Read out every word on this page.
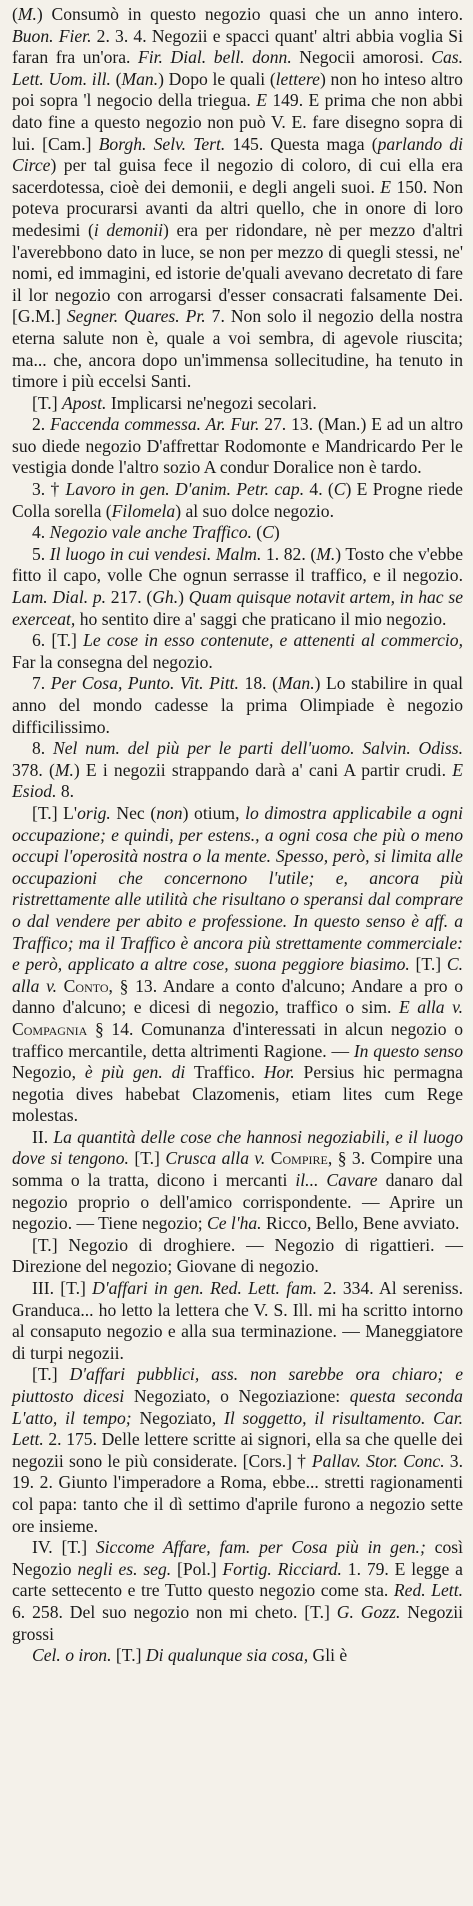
(M.) Consumò in questo negozio quasi che un anno intero. Buon. Fier. 2. 3. 4. Negozii e spacci quant' altri abbia voglia Si faran fra un'ora. Fir. Dial. bell. donn. Negocii amorosi. Cas. Lett. Uom. ill. (Man.) Dopo le quali (lettere) non ho inteso altro poi sopra 'l negocio della triegua. E 149. E prima che non abbi dato fine a questo negozio non può V. E. fare disegno sopra di lui. [Cam.] Borgh. Selv. Tert. 145. Questa maga (parlando di Circe) per tal guisa fece il negozio di coloro, di cui ella era sacerdotessa, cioè dei demonii, e degli angeli suoi. E 150. Non poteva procurarsi avanti da altri quello, che in onore di loro medesimi (i demonii) era per ridondare, nè per mezzo d'altri l'averebbono dato in luce, se non per mezzo di quegli stessi, ne' nomi, ed immagini, ed istorie de'quali avevano decretato di fare il lor negozio con arrogarsi d'esser consacrati falsamente Dei. [G.M.] Segner. Quares. Pr. 7. Non solo il negozio della nostra eterna salute non è, quale a voi sembra, di agevole riuscita; ma... che, ancora dopo un'immensa sollecitudine, ha tenuto in timore i più eccelsi Santi.

[T.] Apost. Implicarsi ne'negozi secolari.

2. Faccenda commessa. Ar. Fur. 27. 13. (Man.) E ad un altro suo diede negozio D'affrettar Rodomonte e Mandricardo Per le vestigia donde l'altro sozio A condur Doralice non è tardo.

3. † Lavoro in gen. D'anim. Petr. cap. 4. (C) E Progne riede Colla sorella (Filomela) al suo dolce negozio.

4. Negozio vale anche Traffico. (C)

5. Il luogo in cui vendesi. Malm. 1. 82. (M.) Tosto che v'ebbe fitto il capo, volle Che ognun serrasse il traffico, e il negozio. Lam. Dial. p. 217. (Gh.) Quam quisque notavit artem, in hac se exerceat, ho sentito dire a' saggi che praticano il mio negozio.

6. [T.] Le cose in esso contenute, e attenenti al commercio, Far la consegna del negozio.

7. Per Cosa, Punto. Vit. Pitt. 18. (Man.) Lo stabilire in qual anno del mondo cadesse la prima Olimpiade è negozio difficilissimo.

8. Nel num. del più per le parti dell'uomo. Salvin. Odiss. 378. (M.) E i negozii strappando darà a' cani A partir crudi. E Esiod. 8.

[T.] L'orig. Nec (non) otium, lo dimostra applicabile a ogni occupazione; e quindi, per estens., a ogni cosa che più o meno occupi l'operosità nostra o la mente. Spesso, però, si limita alle occupazioni che concernono l'utile; e, ancora più ristrettamente alle utilità che risultano o speransi dal comprare o dal vendere per abito e professione. In questo senso è aff. a Traffico; ma il Traffico è ancora più strettamente commerciale: e però, applicato a altre cose, suona peggiore biasimo. [T.] C. alla v. Conto, § 13. Andare a conto d'alcuno; Andare a pro o danno d'alcuno; e dicesi di negozio, traffico o sim. E alla v. Compagnia § 14. Comunanza d'interessati in alcun negozio o traffico mercantile, detta altrimenti Ragione. — In questo senso Negozio, è più gen. di Traffico. Hor. Persius hic permagna negotia dives habebat Clazomenis, etiam lites cum Rege molestas.

II. La quantità delle cose che hannosi negoziabili, e il luogo dove si tengono. [T.] Crusca alla v. Compire, § 3. Compire una somma o la tratta, dicono i mercanti il... Cavare danaro dal negozio proprio o dell'amico corrispondente. — Aprire un negozio. — Tiene negozio; Ce l'ha. Ricco, Bello, Bene avviato.

[T.] Negozio di droghiere. — Negozio di rigattieri. — Direzione del negozio; Giovane di negozio.

III. [T.] D'affari in gen. Red. Lett. fam. 2. 334. Al sereniss. Granduca... ho letto la lettera che V. S. Ill. mi ha scritto intorno al consaputo negozio e alla sua terminazione. — Maneggiatore di turpi negozii.

[T.] D'affari pubblici, ass. non sarebbe ora chiaro; e piuttosto dicesi Negoziato, o Negoziazione: questa seconda L'atto, il tempo; Negoziato, Il soggetto, il risultamento. Car. Lett. 2. 175. Delle lettere scritte ai signori, ella sa che quelle dei negozii sono le più considerate. [Cors.] † Pallav. Stor. Conc. 3. 19. 2. Giunto l'imperadore a Roma, ebbe... stretti ragionamenti col papa: tanto che il dì settimo d'aprile furono a negozio sette ore insieme.

IV. [T.] Siccome Affare, fam. per Cosa più in gen.; così Negozio negli es. seg. [Pol.] Fortig. Ricciard. 1. 79. E legge a carte settecento e tre Tutto questo negozio come sta. Red. Lett. 6. 258. Del suo negozio non mi cheto. [T.] G. Gozz. Negozii grossi

Cel. o iron. [T.] Di qualunque sia cosa, Gli è
